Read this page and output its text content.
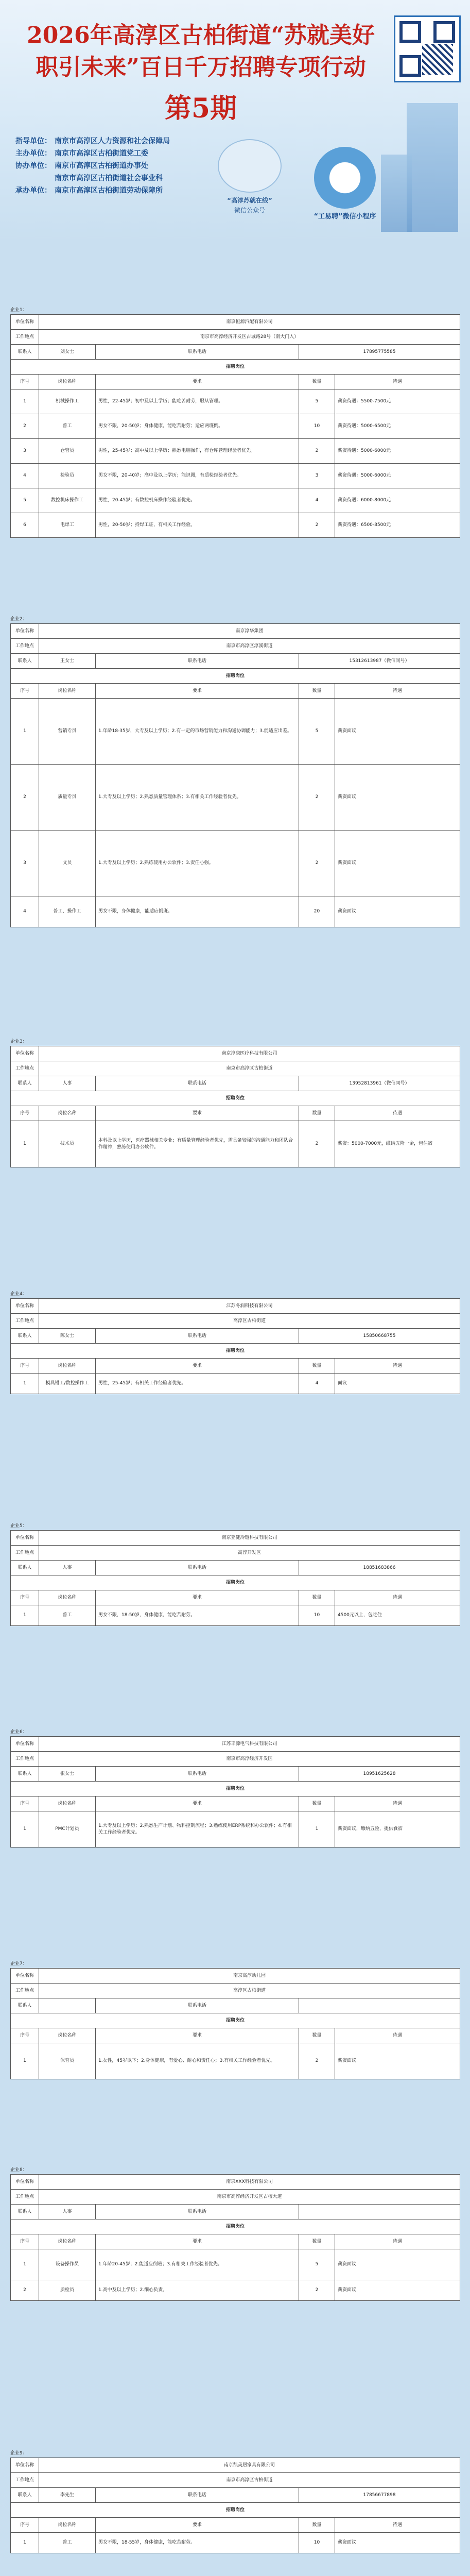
2026年高淳区古柏街道“苏就美好 职引未来”百日千万招聘专项行动
第5期
指导单位： 南京市高淳区人力资源和社会保障局
主办单位： 南京市高淳区古柏街道党工委
协办单位： 南京市高淳区古柏街道办事处
南京市高淳区古柏街道社会事业科
承办单位： 南京市高淳区古柏街道劳动保障所
“高淳苏就在线”
微信公众号
“工易聘”微信小程序
企业1：
单位名称	南京恒源汽配有限公司			
工作地点	南京市高淳经济开发区古城路28号（南大门入）			
联系人	刘女士	联系电话	17895775585	
招聘岗位				
序号	岗位名称	要求	数量	待遇
1	机械操作工	男性，22-45岁；初中及以上学历；能吃苦耐劳，服从管理。	5	薪资待遇：5500-7500元
2	普工	男女不限，20-50岁；身体健康，能吃苦耐劳；适应两班倒。	10	薪资待遇：5000-6500元
3	仓管员	男性，25-45岁；高中及以上学历；熟悉电脑操作，有仓库管理经验者优先。	2	薪资待遇：5000-6000元
4	检验员	男女不限，20-40岁；高中及以上学历；能识图，有质检经验者优先。	3	薪资待遇：5000-6000元
5	数控机床操作工	男性，20-45岁；有数控机床操作经验者优先。	4	薪资待遇：6000-8000元
6	电焊工	男性，20-50岁；持焊工证，有相关工作经验。	2	薪资待遇：6500-8500元
企业2：
单位名称	南京淳华集团			
工作地点	南京市高淳区淳溪街道			
联系人	王女士	联系电话	15312613987（微信同号）	
招聘岗位				
序号	岗位名称	要求	数量	待遇
1	营销专员	1.年龄18-35岁，大专及以上学历；2.有一定的市场营销能力和沟通协调能力；3.能适应出差。	5	薪资面议
2	质量专员	1.大专及以上学历；2.熟悉质量管理体系；3.有相关工作经验者优先。	2	薪资面议
3	文员	1.大专及以上学历；2.熟练使用办公软件；3.责任心强。	2	薪资面议
4	普工、操作工	男女不限，身体健康，能适应倒班。	20	薪资面议
企业3：
单位名称	南京淳康医疗科技有限公司			
工作地点	南京市高淳区古柏街道			
联系人	人事	联系电话	13952813961（微信同号）	
招聘岗位				
序号	岗位名称	要求	数量	待遇
1	技术员	本科及以上学历，医疗器械相关专业；有质量管理经验者优先，需具备较强的沟通能力和团队合作精神，熟练使用办公软件。	2	薪资：5000-7000元，缴纳五险一金，包住宿
企业4：
单位名称	江苏冬润科技有限公司			
工作地点	高淳区古柏街道			
联系人	陈女士	联系电话	15850668755	
招聘岗位				
序号	岗位名称	要求	数量	待遇
1	模具钳工/数控操作工	男性，25-45岁；有相关工作经验者优先。	4	面议
企业5：
单位名称	南京亚健冷链科技有限公司			
工作地点	高淳开发区			
联系人	人事	联系电话	18851683866	
招聘岗位				
序号	岗位名称	要求	数量	待遇
1	普工	男女不限，18-50岁，身体健康，能吃苦耐劳。	10	4500元以上，包吃住
企业6：
单位名称	江苏丰源电气科技有限公司			
工作地点	南京市高淳经济开发区			
联系人	张女士	联系电话	18951625628	
招聘岗位				
序号	岗位名称	要求	数量	待遇
1	PMC计划员	1.大专及以上学历；2.熟悉生产计划、物料控制流程；3.熟练使用ERP系统和办公软件；4.有相关工作经验者优先。	1	薪资面议，缴纳五险，提供食宿
企业7：
单位名称	南京高淳幼儿园			
工作地点	高淳区古柏街道			
联系人		联系电话		
招聘岗位				
序号	岗位名称	要求	数量	待遇
1	保育员	1.女性，45岁以下；2.身体健康，有爱心、耐心和责任心；3.有相关工作经验者优先。	2	薪资面议
企业8：
单位名称	南京XXX科技有限公司			
工作地点	南京市高淳经济开发区古檀大道			
联系人	人事	联系电话		
招聘岗位				
序号	岗位名称	要求	数量	待遇
1	设备操作员	1.年龄20-45岁；2.能适应倒班；3.有相关工作经验者优先。	5	薪资面议
2	质检员	1.高中及以上学历；2.细心负责。	2	薪资面议
企业9：
单位名称	南京凯美居家具有限公司			
工作地点	南京市高淳区古柏街道			
联系人	李先生	联系电话	17856677898	
招聘岗位				
序号	岗位名称	要求	数量	待遇
1	普工	男女不限，18-55岁，身体健康，能吃苦耐劳。	10	薪资面议
